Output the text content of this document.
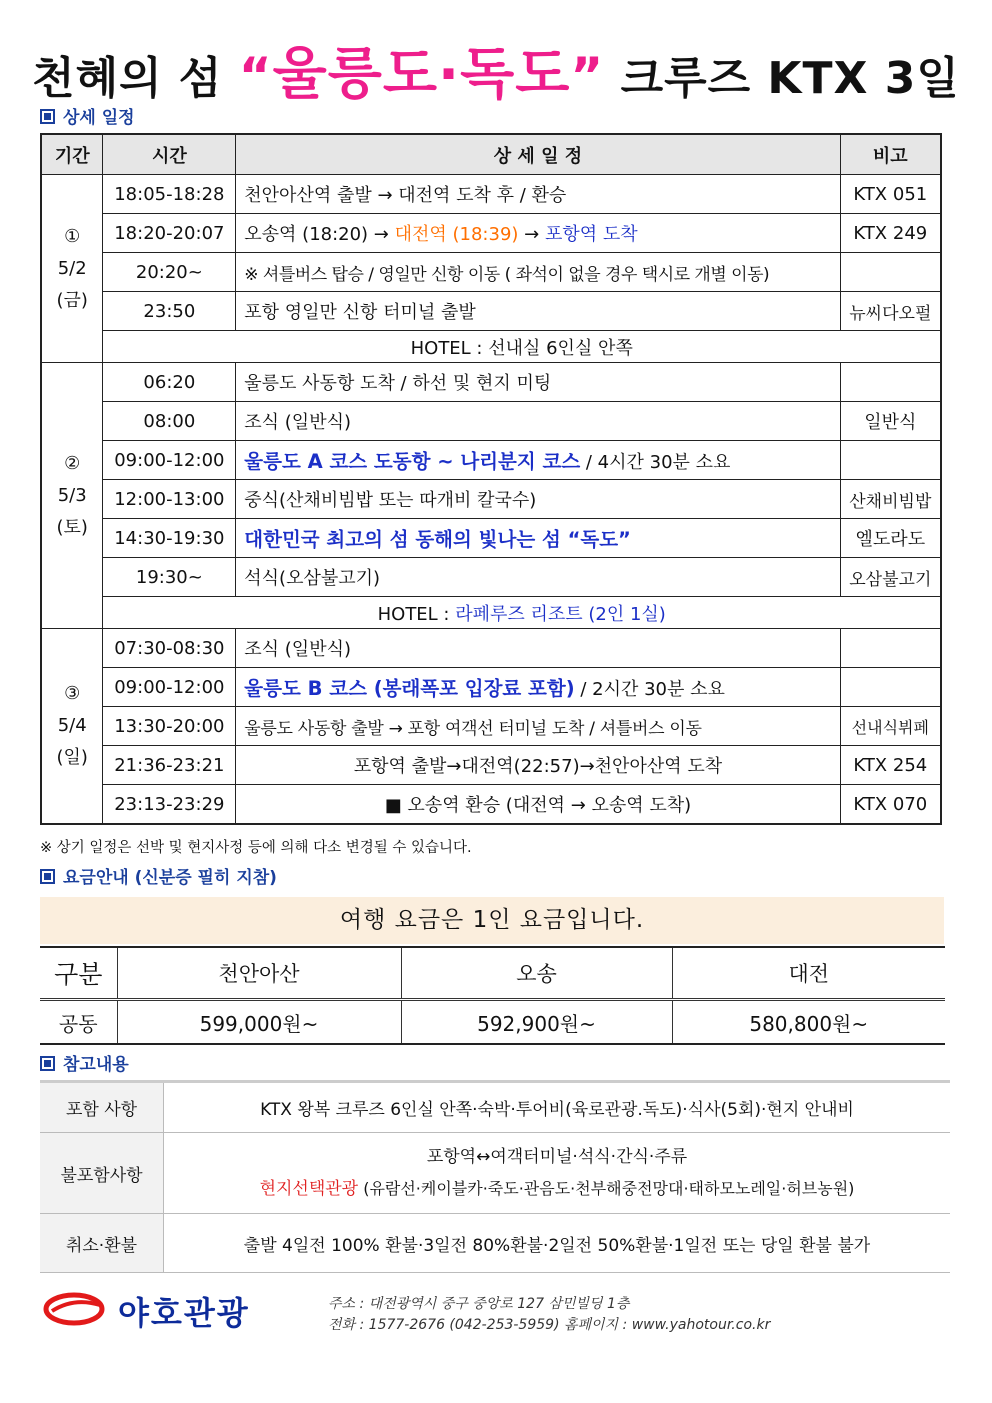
천혜의 섬 “울릉도·독도” 크루즈 KTX 3일
상세 일정
기간	시간	상 세 일 정	비고

①
5/2
(금)	18:05-18:28	천안아산역 출발 → 대전역 도착 후 / 환승	KTX 051
	18:20-20:07	오송역 (18:20) → 대전역 (18:39) → 포항역 도착	KTX 249
	20:20~	※ 셔틀버스 탑승 / 영일만 신항 이동 ( 좌석이 없을 경우 택시로 개별 이동)	
	23:50	포항 영일만 신항 터미널 출발	뉴씨다오펄
	HOTEL : 선내실 6인실 안쪽		

②
5/3
(토)	06:20	울릉도 사동항 도착 / 하선 및 현지 미팅	
	08:00	조식 (일반식)	일반식
	09:00-12:00	울릉도 A 코스 도동항 ~ 나리분지 코스 / 4시간 30분 소요	
	12:00-13:00	중식(산채비빔밥 또는 따개비 칼국수)	산채비빔밥
	14:30-19:30	대한민국 최고의 섬 동해의 빛나는 섬 “독도”	엘도라도
	19:30~	석식(오삼불고기)	오삼불고기
	HOTEL : 라페루즈 리조트 (2인 1실)		

③
5/4
(일)	07:30-08:30	조식 (일반식)	
	09:00-12:00	울릉도 B 코스 (봉래폭포 입장료 포함) / 2시간 30분 소요	
	13:30-20:00	울릉도 사동항 출발 → 포항 여객선 터미널 도착 / 셔틀버스 이동	선내식뷔페
	21:36-23:21	포항역 출발→대전역(22:57)→천안아산역 도착	KTX 254
	23:13-23:29	■ 오송역 환승 (대전역 → 오송역 도착)	KTX 070
※ 상기 일정은 선박 및 현지사정 등에 의해 다소 변경될 수 있습니다.
요금안내 (신분증 필히 지참)
여행 요금은 1인 요금입니다.
구분	천안아산	오송	대전
공동	599,000원~	592,900원~	580,800원~
참고내용
포함 사항	KTX 왕복 크루즈 6인실 안쪽·숙박·투어비(육로관광.독도)·식사(5회)·현지 안내비
불포함사항	포항역↔여객터미널·석식·간식·주류
현지선택관광 (유람선·케이블카·죽도·관음도·천부해중전망대·태하모노레일·허브농원)

취소·환불	출발 4일전 100% 환불·3일전 80%환불·2일전 50%환불·1일전 또는 당일 환불 불가
야호관광	주소 : 대전광역시 중구 중앙로 127 삼민빌딩 1층
전화 : 1577-2676 (042-253-5959) 홈페이지 : www.yahotour.co.kr
